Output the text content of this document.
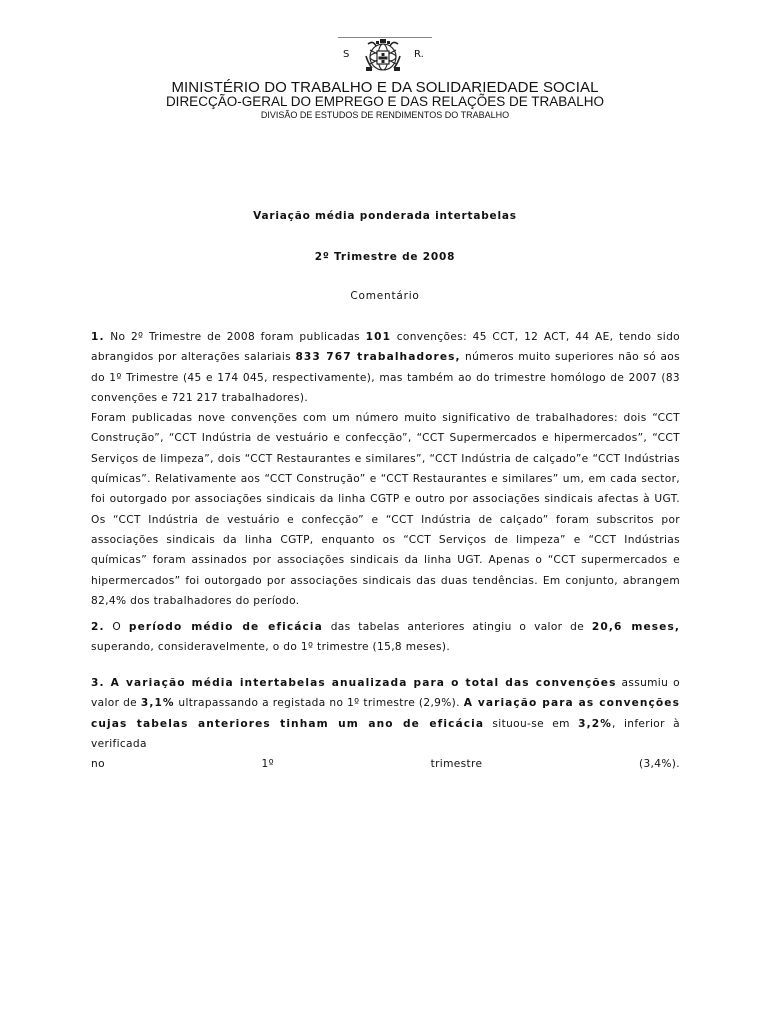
S	R.
MINISTÉRIO DO TRABALHO E DA SOLIDARIEDADE SOCIAL
DIRECÇÃO-GERAL DO EMPREGO E DAS RELAÇÕES DE TRABALHO
DIVISÃO DE ESTUDOS DE RENDIMENTOS DO TRABALHO
Variação média ponderada intertabelas
2º Trimestre de 2008
Comentário

1. No 2º Trimestre de 2008 foram publicadas 101 convenções: 45 CCT, 12 ACT, 44 AE, tendo sido abrangidos por alterações salariais 833 767 trabalhadores, números muito superiores não só aos do 1º Trimestre (45 e 174 045, respectivamente), mas também ao do trimestre homólogo de 2007 (83 convenções e 721 217 trabalhadores).

Foram publicadas nove convenções com um número muito significativo de trabalhadores: dois “CCT Construção”, “CCT Indústria de vestuário e confecção”, “CCT Supermercados e hipermercados”, “CCT Serviços de limpeza”, dois “CCT Restaurantes e similares”, “CCT Indústria de calçado”e “CCT Indústrias químicas”. Relativamente aos “CCT Construção” e “CCT Restaurantes e similares” um, em cada sector, foi outorgado por associações sindicais da linha CGTP e outro por associações sindicais afectas à UGT. Os “CCT Indústria de vestuário e confecção” e “CCT Indústria de calçado” foram subscritos por associações sindicais da linha CGTP, enquanto os “CCT Serviços de limpeza” e “CCT Indústrias químicas” foram assinados por associações sindicais da linha UGT. Apenas o “CCT supermercados e hipermercados” foi outorgado por associações sindicais das duas tendências. Em conjunto, abrangem 82,4% dos trabalhadores do período.

2. O período médio de eficácia das tabelas anteriores atingiu o valor de 20,6 meses, superando, consideravelmente, o do 1º trimestre (15,8 meses).

3. A variação média intertabelas anualizada para o total das convenções assumiu o valor de 3,1% ultrapassando a registada no 1º trimestre (2,9%). A variação para as convenções cujas tabelas anteriores tinham um ano de eficácia situou-se em 3,2%, inferior à verificada

no	1º	trimestre	(3,4%).
